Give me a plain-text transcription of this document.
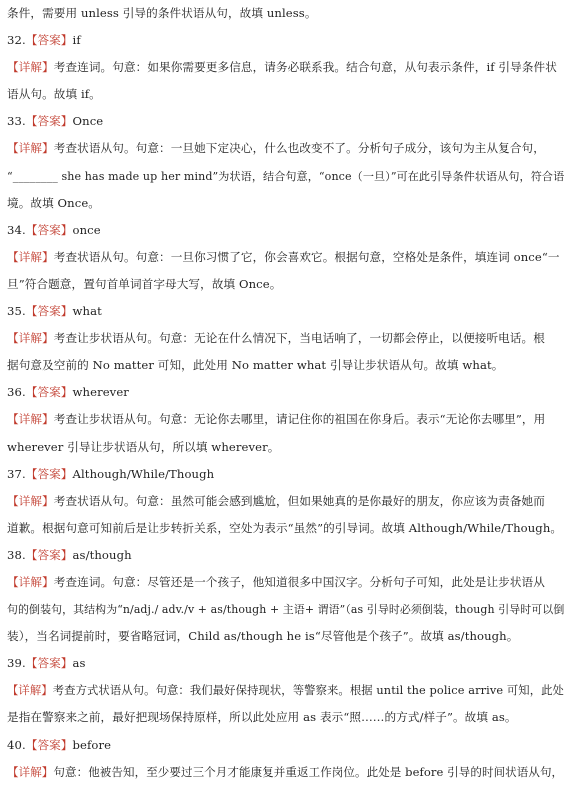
条件，需要用 unless 引导的条件状语从句，故填 unless。
32.【答案】if
【详解】考查连词。句意：如果你需要更多信息，请务必联系我。结合句意，从句表示条件，if 引导条件状
语从句。故填 if。
33.【答案】Once
【详解】考查状语从句。句意：一旦她下定决心，什么也改变不了。分析句子成分，该句为主从复合句，
“________ she has made up her mind”为状语，结合句意，“once（一旦）”可在此引导条件状语从句，符合语
境。故填 Once。
34.【答案】once
【详解】考查状语从句。句意：一旦你习惯了它，你会喜欢它。根据句意，空格处是条件，填连词 once“一
旦”符合题意，置句首单词首字母大写，故填 Once。
35.【答案】what
【详解】考查让步状语从句。句意：无论在什么情况下，当电话响了，一切都会停止，以便接听电话。根
据句意及空前的 No matter 可知，此处用 No matter what 引导让步状语从句。故填 what。
36.【答案】wherever
【详解】考查让步状语从句。句意：无论你去哪里，请记住你的祖国在你身后。表示“无论你去哪里”，用
wherever 引导让步状语从句，所以填 wherever。
37.【答案】Although/While/Though
【详解】考查状语从句。句意：虽然可能会感到尴尬，但如果她真的是你最好的朋友，你应该为责备她而
道歉。根据句意可知前后是让步转折关系，空处为表示“虽然”的引导词。故填 Although/While/Though。
38.【答案】as/though
【详解】考查连词。句意：尽管还是一个孩子，他知道很多中国汉字。分析句子可知，此处是让步状语从
句的倒装句，其结构为“n/adj./ adv./v + as/though + 主语+ 谓语”（as 引导时必须倒装，though 引导时可以倒
装），当名词提前时，要省略冠词，Child as/though he is“尽管他是个孩子”。故填 as/though。
39.【答案】as
【详解】考查方式状语从句。句意：我们最好保持现状，等警察来。根据 until the police arrive 可知，此处
是指在警察来之前，最好把现场保持原样，所以此处应用 as 表示“照……的方式/样子”。故填 as。
40.【答案】before
【详解】句意：他被告知，至少要过三个月才能康复并重返工作岗位。此处是 before 引导的时间状语从句，
